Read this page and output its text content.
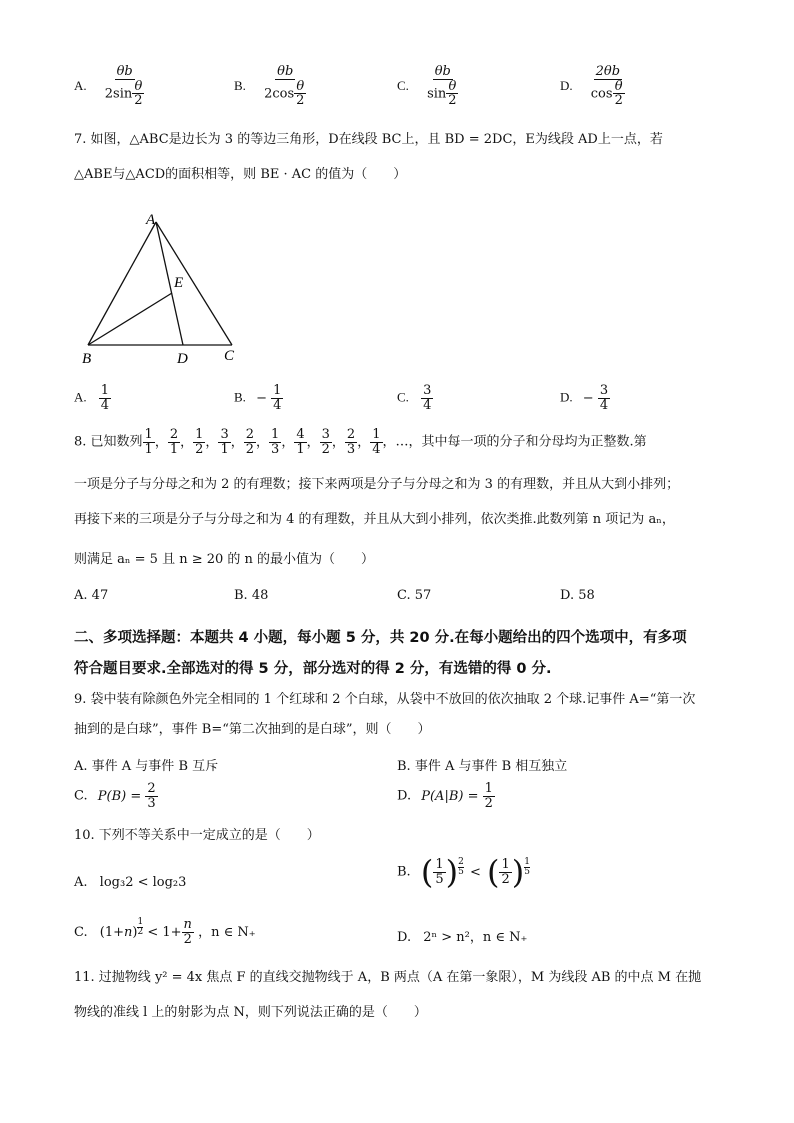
A. $\frac{\theta b}{2\sin \frac{\theta}{2}}$	B. $\frac{\theta b}{2\cos \frac{\theta}{2}}$	C. $\frac{\theta b}{\sin \frac{\theta}{2}}$	D. $\frac{2\theta b}{\cos \frac{\theta}{2}}$
7. 如图，△ABC是边长为 3 的等边三角形，D在线段 BC上，且 BD = 2DC，E为线段 AD上一点，若
△ABE与△ACD的面积相等，则 BE · AC 的值为（　　）
A
E
B	D C
A. $\frac{1}{4}$	B. − $\frac{1}{4}$	C. $\frac{3}{4}$	D. − $\frac{3}{4}$
8. 已知数列 $\frac{1}{1}$ ， $\frac{2}{1}$ ， $\frac{1}{2}$ ， $\frac{3}{1}$ ， $\frac{2}{2}$ ， $\frac{1}{3}$ ， $\frac{4}{1}$ ， $\frac{3}{2}$ ， $\frac{2}{3}$ ， $\frac{1}{4}$ ，…，其中每一项的分子和分母均为正整数.第
一项是分子与分母之和为 2 的有理数；接下来两项是分子与分母之和为 3 的有理数，并且从大到小排列；
再接下来的三项是分子与分母之和为 4 的有理数，并且从大到小排列，依次类推.此数列第 n 项记为 aₙ，
则满足 aₙ = 5 且 n ≥ 20 的 n 的最小值为（　　）
A. 47	B. 48	C. 57	D. 58
二、多项选择题：本题共 4 小题，每小题 5 分，共 20 分.在每小题给出的四个选项中，有多项
符合题目要求.全部选对的得 5 分，部分选对的得 2 分，有选错的得 0 分.
9. 袋中装有除颜色外完全相同的 1 个红球和 2 个白球，从袋中不放回的依次抽取 2 个球.记事件 A=“第一次
抽到的是白球”，事件 B=“第二次抽到的是白球”，则（　　）
A. 事件 A 与事件 B 互斥	B. 事件 A 与事件 B 相互独立
C. $P(B) = \frac{2}{3}$	D. $P(A|B) = \frac{1}{2}$
10. 下列不等关系中一定成立的是（　　）
A. log₃2 < log₂3
B. ( $\frac{1}{5}$ ) $\frac{2}{5}$ < ( $\frac{1}{2}$ ) $\frac{1}{5}$
C. $(1+n) \frac{1}{2} < 1+ \frac{n}{2}$ ，n ∈ N₊	D. 2ⁿ > n²，n ∈ N₊
11. 过抛物线 y² = 4x 焦点 F 的直线交抛物线于 A，B 两点（A 在第一象限），M 为线段 AB 的中点 M 在抛
物线的准线 l 上的射影为点 N，则下列说法正确的是（　　）
